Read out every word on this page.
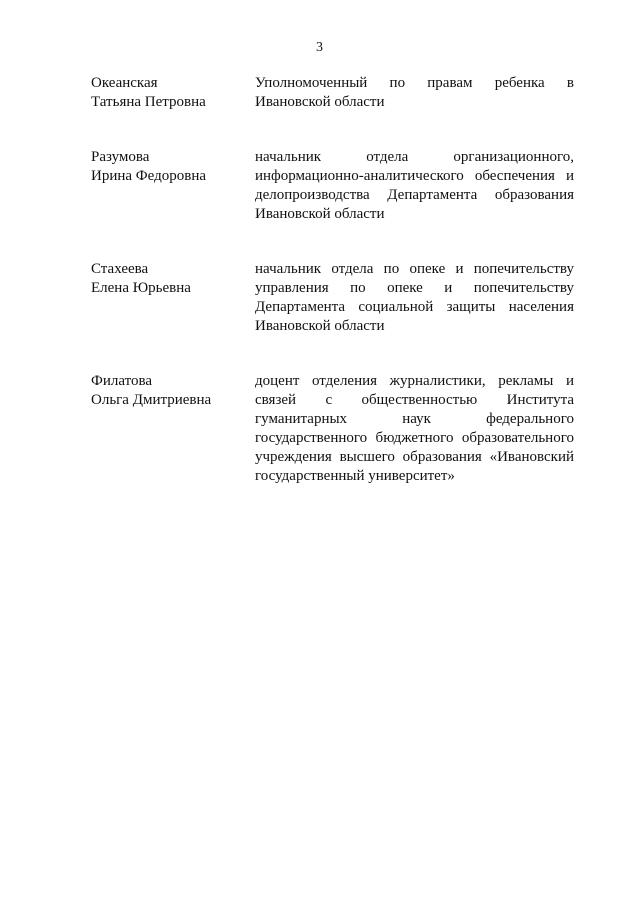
3
Океанская
Татьяна Петровна
Уполномоченный по правам ребенка в Ивановской области
Разумова
Ирина Федоровна
начальник отдела организационного, информационно-аналитического обеспечения и делопроизводства Департамента образования Ивановской области
Стахеева
Елена Юрьевна
начальник отдела по опеке и попечительству управления по опеке и попечительству Департамента социальной защиты населения Ивановской области
Филатова
Ольга Дмитриевна
доцент отделения журналистики, рекламы и связей с общественностью Института гуманитарных наук федерального государственного бюджетного образовательного учреждения высшего образования «Ивановский государственный университет»
